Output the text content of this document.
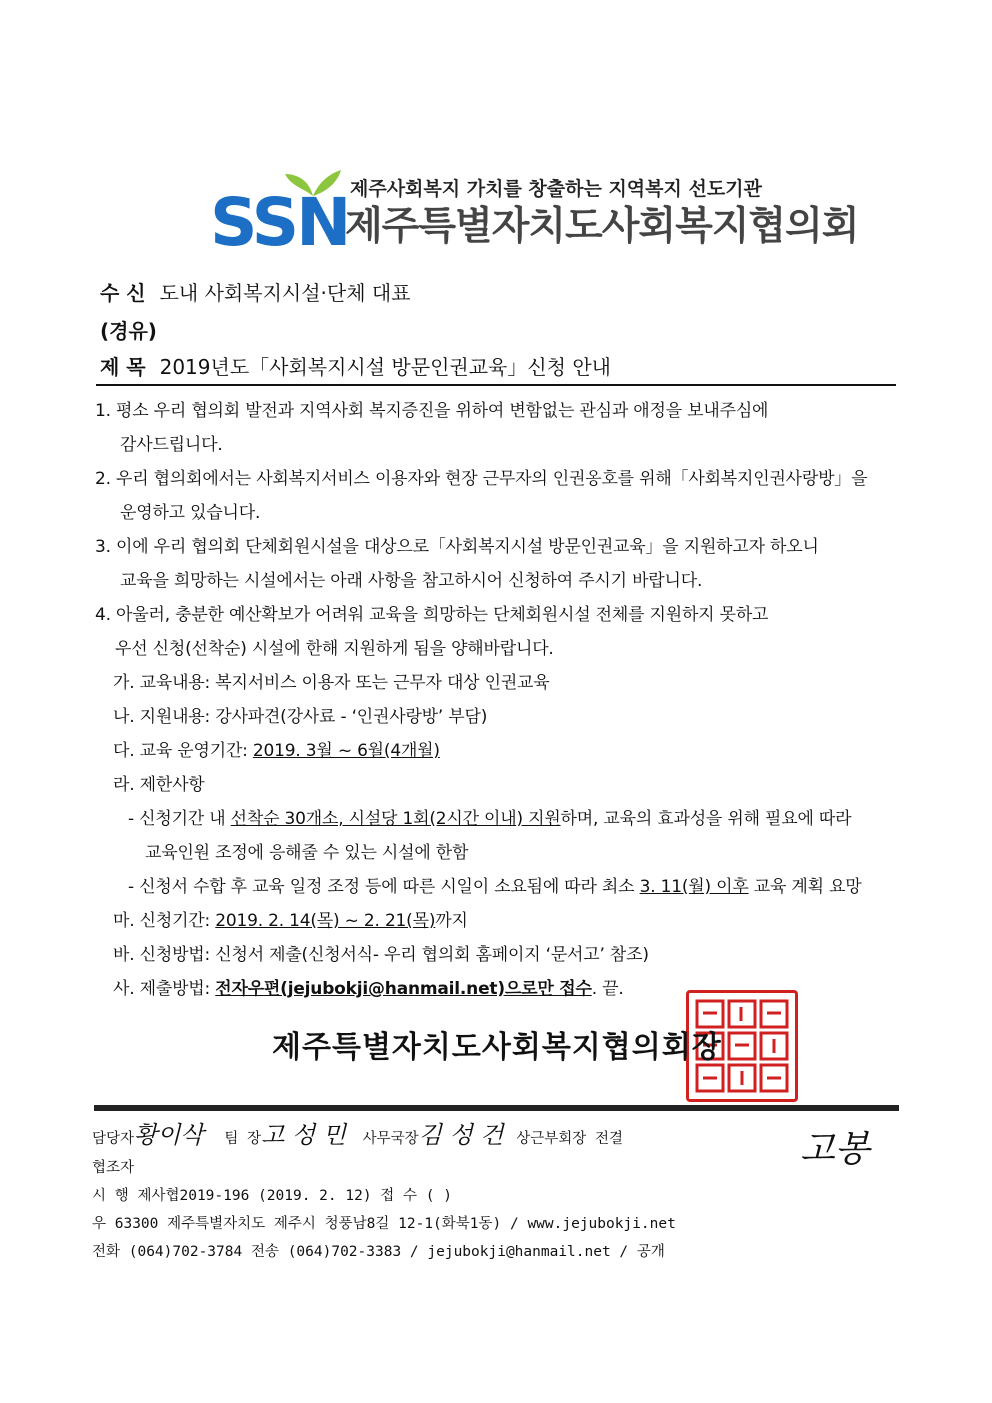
SSN 제주사회복지 가치를 창출하는 지역복지 선도기관
제주특별자치도사회복지협의회
수 신 도내 사회복지시설·단체 대표
(경유)
제 목 2019년도「사회복지시설 방문인권교육」신청 안내
1. 평소 우리 협의회 발전과 지역사회 복지증진을 위하여 변함없는 관심과 애정을 보내주심에
감사드립니다.
2. 우리 협의회에서는 사회복지서비스 이용자와 현장 근무자의 인권옹호를 위해「사회복지인권사랑방」을
운영하고 있습니다.
3. 이에 우리 협의회 단체회원시설을 대상으로「사회복지시설 방문인권교육」을 지원하고자 하오니
교육을 희망하는 시설에서는 아래 사항을 참고하시어 신청하여 주시기 바랍니다.
4. 아울러, 충분한 예산확보가 어려워 교육을 희망하는 단체회원시설 전체를 지원하지 못하고
우선 신청(선착순) 시설에 한해 지원하게 됨을 양해바랍니다.
가. 교육내용: 복지서비스 이용자 또는 근무자 대상 인권교육
나. 지원내용: 강사파견(강사료 - ‘인권사랑방’ 부담)
다. 교육 운영기간: 2019. 3월 ~ 6월(4개월)
라. 제한사항
- 신청기간 내 선착순 30개소, 시설당 1회(2시간 이내) 지원하며, 교육의 효과성을 위해 필요에 따라
교육인원 조정에 응해줄 수 있는 시설에 한함
- 신청서 수합 후 교육 일정 조정 등에 따른 시일이 소요됨에 따라 최소 3. 11(월) 이후 교육 계획 요망
마. 신청기간: 2019. 2. 14(목) ~ 2. 21(목)까지
바. 신청방법: 신청서 제출(신청서식- 우리 협의회 홈페이지 ‘문서고’ 참조)
사. 제출방법: 전자우편(jejubokji@hanmail.net)으로만 접수. 끝.
제주특별자치도사회복지협의회장
담당자황이삭 팀 장고 성 민 사무국장김 성 건 상근부회장 전결	고봉
협조자
시 행 제사협2019-196 (2019. 2. 12) 접 수 ( )
우 63300 제주특별자치도 제주시 청풍남8길 12-1(화북1동) / www.jejubokji.net
전화 (064)702-3784 전송 (064)702-3383 / jejubokji@hanmail.net / 공개
